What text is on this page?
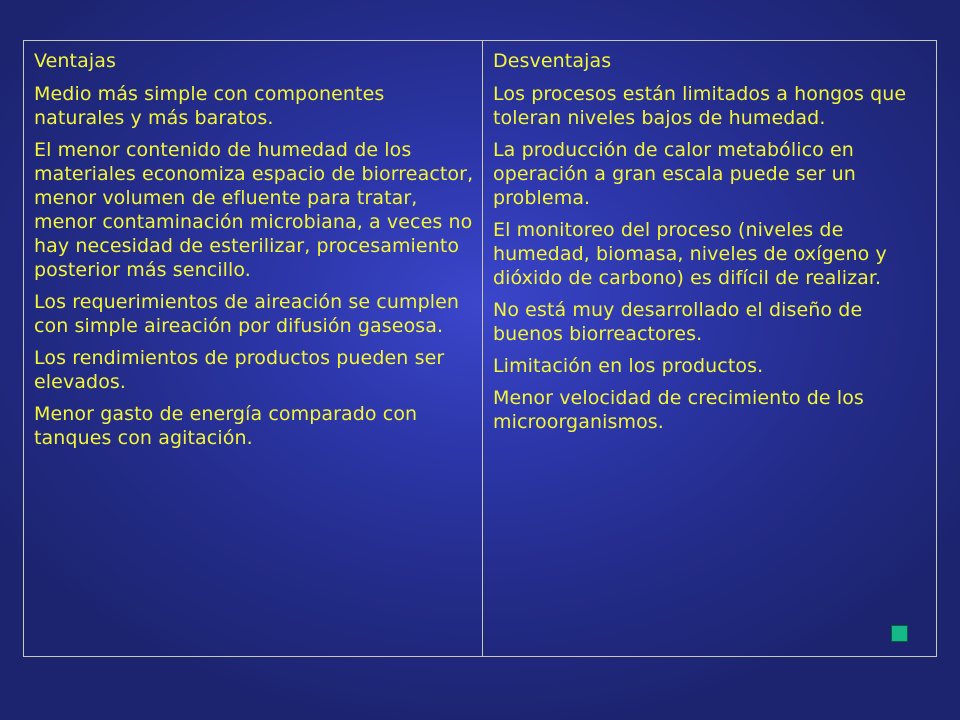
Ventajas
Medio más simple con componentes naturales y más baratos.
El menor contenido de humedad de los materiales economiza espacio de biorreactor, menor volumen de efluente para tratar, menor contaminación microbiana, a veces no hay necesidad de esterilizar, procesamiento posterior más sencillo.
Los requerimientos de aireación se cumplen con simple aireación por difusión gaseosa.
Los rendimientos de productos pueden ser elevados.
Menor gasto de energía comparado con tanques con agitación.
Desventajas
Los procesos están limitados a hongos que toleran niveles bajos de humedad.
La producción de calor metabólico en operación a gran escala puede ser un problema.
El monitoreo del proceso (niveles de humedad, biomasa, niveles de oxígeno y dióxido de carbono) es difícil de realizar.
No está muy desarrollado el diseño de buenos biorreactores.
Limitación en los productos.
Menor velocidad de crecimiento de los microorganismos.
